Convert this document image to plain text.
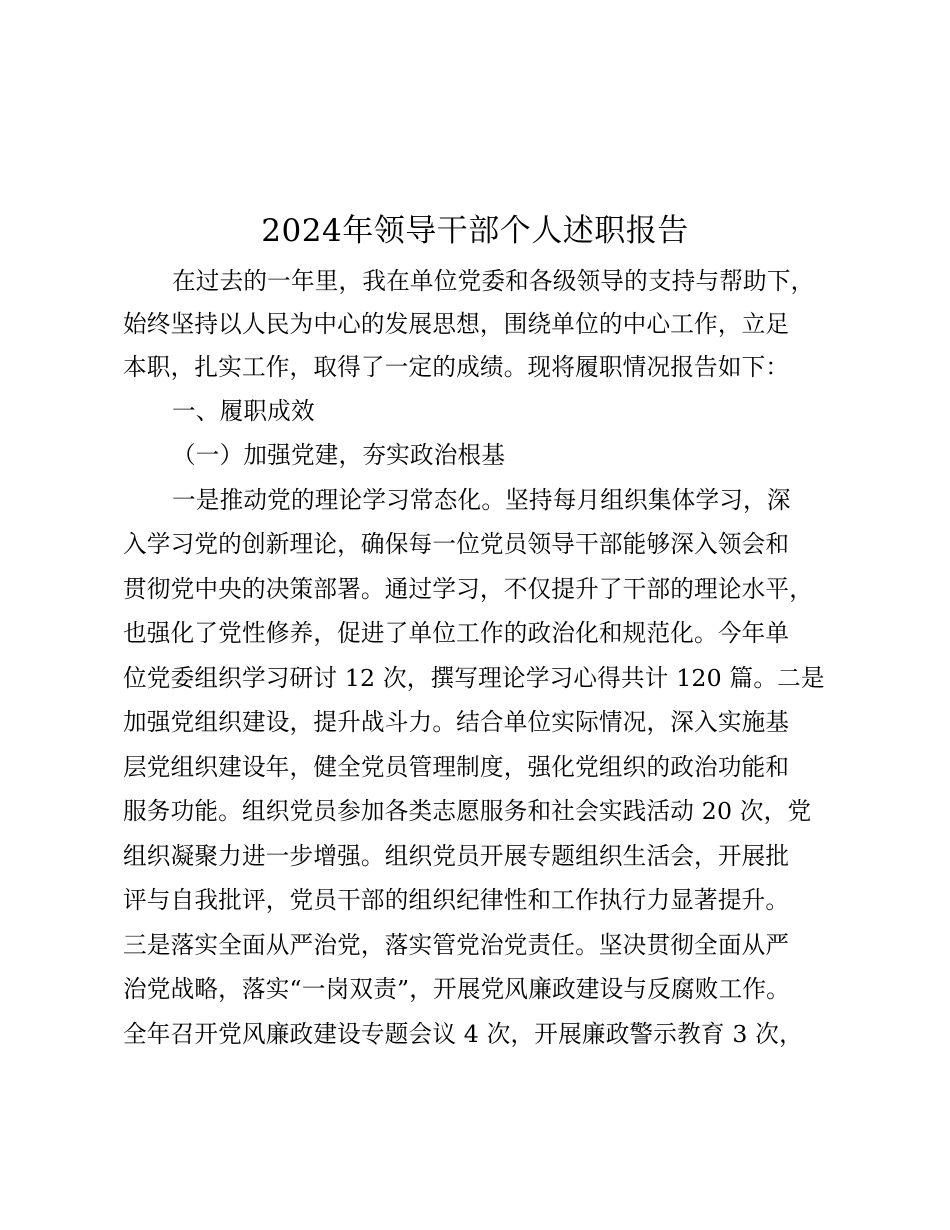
2024年领导干部个人述职报告
在过去的一年里，我在单位党委和各级领导的支持与帮助下，
始终坚持以人民为中心的发展思想，围绕单位的中心工作，立足
本职，扎实工作，取得了一定的成绩。现将履职情况报告如下：
一、履职成效
（一）加强党建，夯实政治根基
一是推动党的理论学习常态化。坚持每月组织集体学习，深
入学习党的创新理论，确保每一位党员领导干部能够深入领会和
贯彻党中央的决策部署。通过学习，不仅提升了干部的理论水平，
也强化了党性修养，促进了单位工作的政治化和规范化。今年单
位党委组织学习研讨 12 次，撰写理论学习心得共计 120 篇。二是
加强党组织建设，提升战斗力。结合单位实际情况，深入实施基
层党组织建设年，健全党员管理制度，强化党组织的政治功能和
服务功能。组织党员参加各类志愿服务和社会实践活动 20 次，党
组织凝聚力进一步增强。组织党员开展专题组织生活会，开展批
评与自我批评，党员干部的组织纪律性和工作执行力显著提升。
三是落实全面从严治党，落实管党治党责任。坚决贯彻全面从严
治党战略，落实“一岗双责”，开展党风廉政建设与反腐败工作。
全年召开党风廉政建设专题会议 4 次，开展廉政警示教育 3 次，
